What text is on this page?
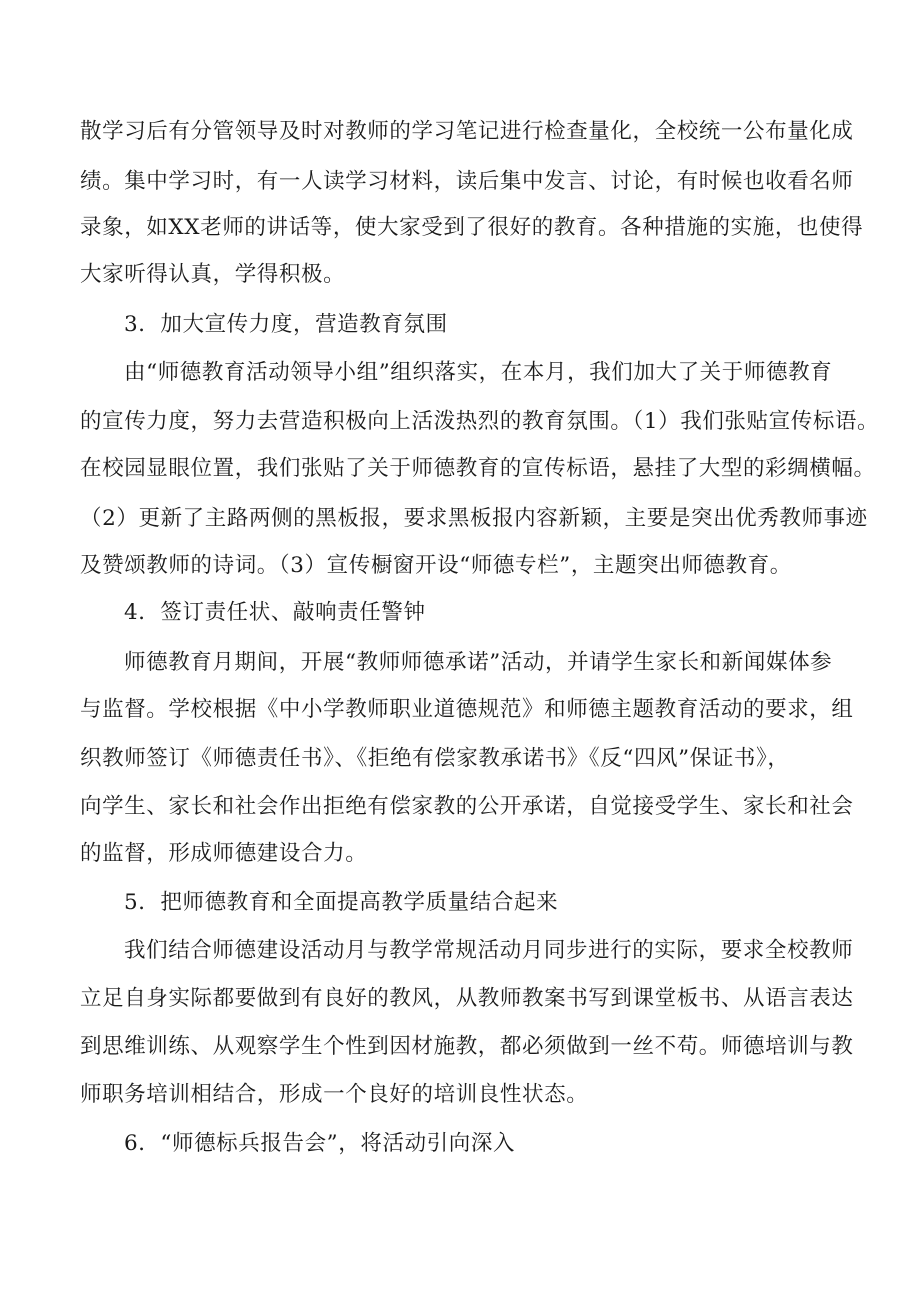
散学习后有分管领导及时对教师的学习笔记进行检查量化，全校统一公布量化成
绩。集中学习时，有一人读学习材料，读后集中发言、讨论，有时候也收看名师
录象，如XX老师的讲话等，使大家受到了很好的教育。各种措施的实施，也使得
大家听得认真，学得积极。
3．加大宣传力度，营造教育氛围
由“师德教育活动领导小组”组织落实，在本月，我们加大了关于师德教育
的宣传力度，努力去营造积极向上活泼热烈的教育氛围。（1）我们张贴宣传标语。
在校园显眼位置，我们张贴了关于师德教育的宣传标语，悬挂了大型的彩绸横幅。
（2）更新了主路两侧的黑板报，要求黑板报内容新颖，主要是突出优秀教师事迹
及赞颂教师的诗词。（3）宣传橱窗开设“师德专栏”，主题突出师德教育。
4．签订责任状、敲响责任警钟
师德教育月期间，开展“教师师德承诺”活动，并请学生家长和新闻媒体参
与监督。学校根据《中小学教师职业道德规范》和师德主题教育活动的要求，组
织教师签订《师德责任书》、《拒绝有偿家教承诺书》《反“四风”保证书》，
向学生、家长和社会作出拒绝有偿家教的公开承诺，自觉接受学生、家长和社会
的监督，形成师德建设合力。
5．把师德教育和全面提高教学质量结合起来
我们结合师德建设活动月与教学常规活动月同步进行的实际，要求全校教师
立足自身实际都要做到有良好的教风，从教师教案书写到课堂板书、从语言表达
到思维训练、从观察学生个性到因材施教，都必须做到一丝不苟。师德培训与教
师职务培训相结合，形成一个良好的培训良性状态。
6．“师德标兵报告会”，将活动引向深入
